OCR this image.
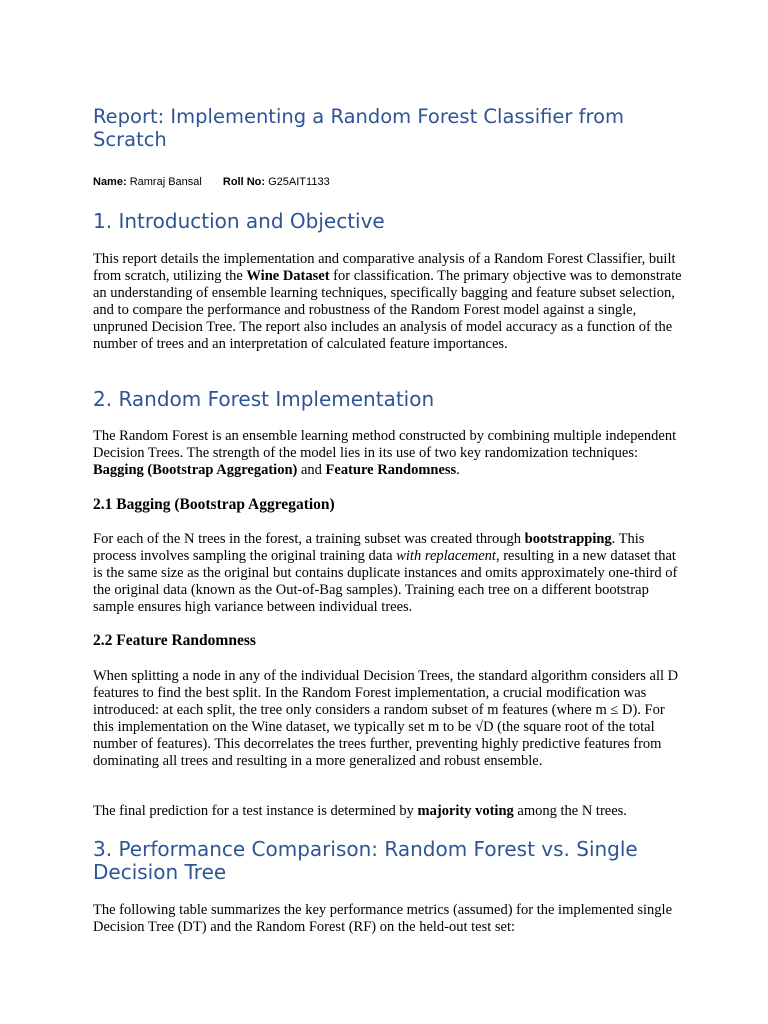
Report: Implementing a Random Forest Classifier from Scratch
Name: Ramraj Bansal Roll No: G25AIT1133
1. Introduction and Objective

This report details the implementation and comparative analysis of a Random Forest Classifier, built from scratch, utilizing the Wine Dataset for classification. The primary objective was to demonstrate an understanding of ensemble learning techniques, specifically bagging and feature subset selection, and to compare the performance and robustness of the Random Forest model against a single, unpruned Decision Tree. The report also includes an analysis of model accuracy as a function of the number of trees and an interpretation of calculated feature importances.

2. Random Forest Implementation

The Random Forest is an ensemble learning method constructed by combining multiple independent Decision Trees. The strength of the model lies in its use of two key randomization techniques: Bagging (Bootstrap Aggregation) and Feature Randomness.

2.1 Bagging (Bootstrap Aggregation)

For each of the N trees in the forest, a training subset was created through bootstrapping. This process involves sampling the original training data with replacement, resulting in a new dataset that is the same size as the original but contains duplicate instances and omits approximately one-third of the original data (known as the Out-of-Bag samples). Training each tree on a different bootstrap sample ensures high variance between individual trees.

2.2 Feature Randomness

When splitting a node in any of the individual Decision Trees, the standard algorithm considers all D features to find the best split. In the Random Forest implementation, a crucial modification was introduced: at each split, the tree only considers a random subset of m features (where m ≤ D). For this implementation on the Wine dataset, we typically set m to be √D (the square root of the total number of features). This decorrelates the trees further, preventing highly predictive features from dominating all trees and resulting in a more generalized and robust ensemble.

The final prediction for a test instance is determined by majority voting among the N trees.

3. Performance Comparison: Random Forest vs. Single Decision Tree

The following table summarizes the key performance metrics (assumed) for the implemented single Decision Tree (DT) and the Random Forest (RF) on the held-out test set:
